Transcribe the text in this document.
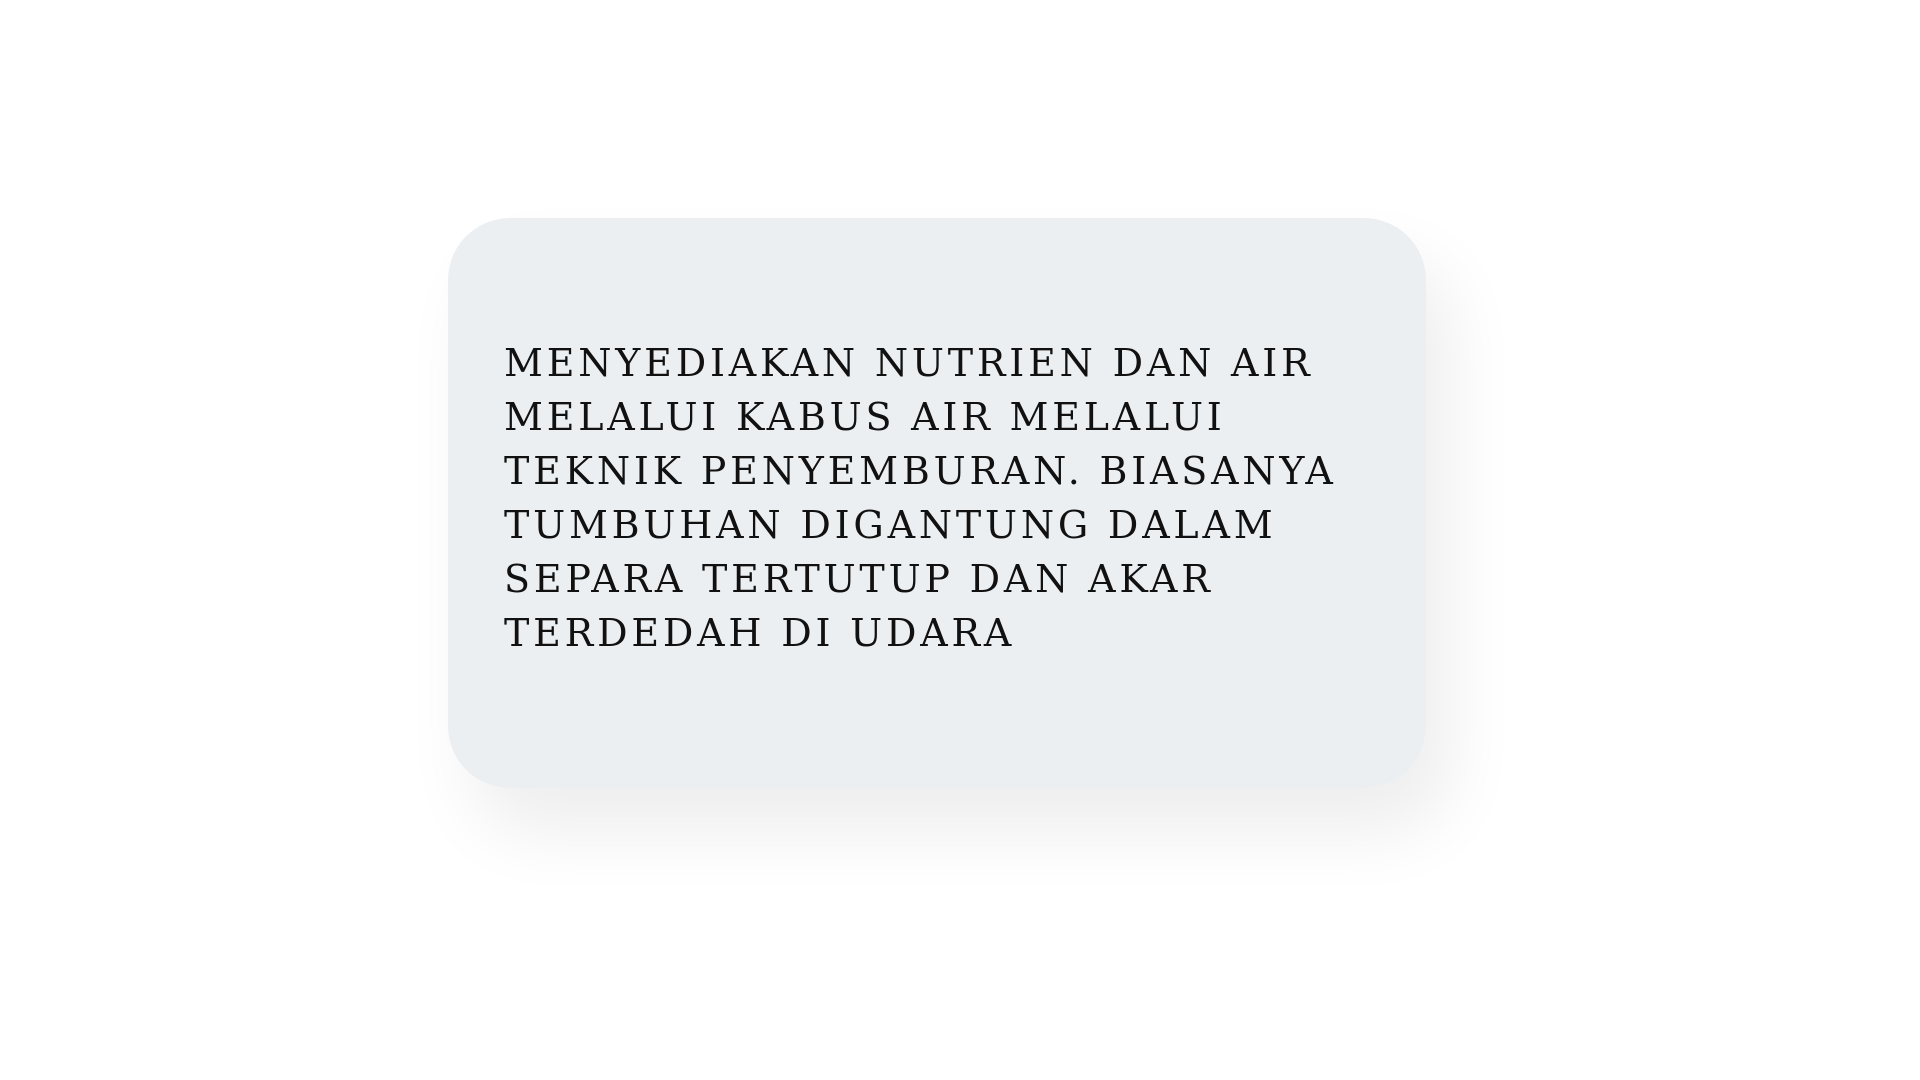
MENYEDIAKAN NUTRIEN DAN AIR
MELALUI KABUS AIR MELALUI
TEKNIK PENYEMBURAN. BIASANYA
TUMBUHAN DIGANTUNG DALAM
SEPARA TERTUTUP DAN AKAR
TERDEDAH DI UDARA
